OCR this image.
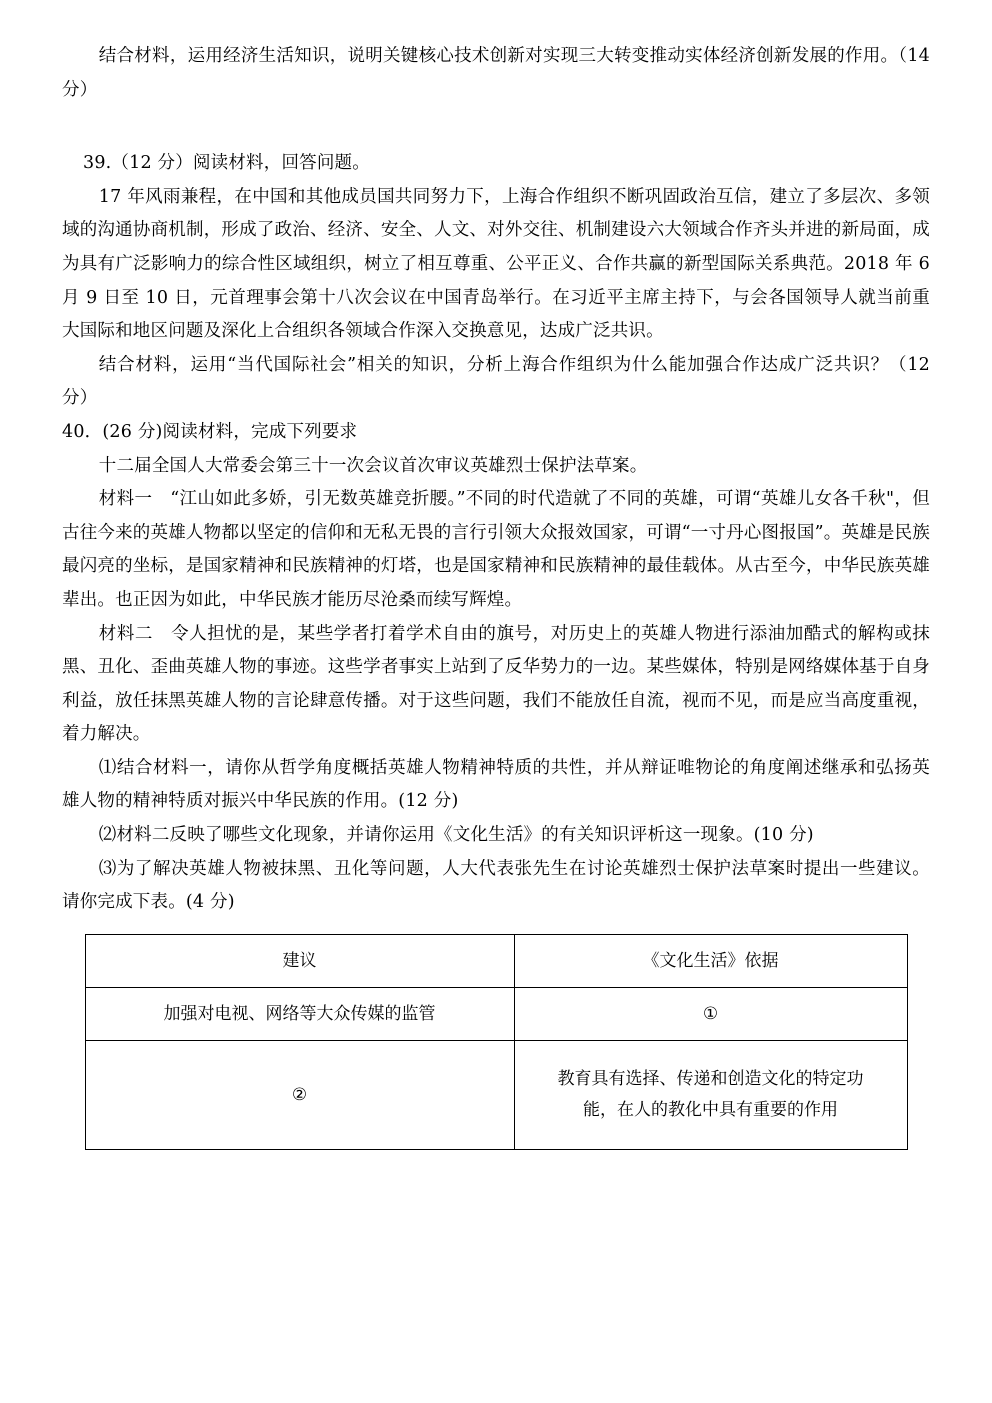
结合材料，运用经济生活知识，说明关键核心技术创新对实现三大转变推动实体经济创新发展的作用。（14 分）

39.（12 分）阅读材料，回答问题。

17 年风雨兼程，在中国和其他成员国共同努力下，上海合作组织不断巩固政治互信，建立了多层次、多领域的沟通协商机制，形成了政治、经济、安全、人文、对外交往、机制建设六大领域合作齐头并进的新局面，成为具有广泛影响力的综合性区域组织，树立了相互尊重、公平正义、合作共赢的新型国际关系典范。2018 年 6 月 9 日至 10 日，元首理事会第十八次会议在中国青岛举行。在习近平主席主持下，与会各国领导人就当前重大国际和地区问题及深化上合组织各领域合作深入交换意见，达成广泛共识。

结合材料，运用“当代国际社会”相关的知识，分析上海合作组织为什么能加强合作达成广泛共识？（12 分）

40．(26 分)阅读材料，完成下列要求

十二届全国人大常委会第三十一次会议首次审议英雄烈士保护法草案。

材料一　“江山如此多娇，引无数英雄竞折腰。”不同的时代造就了不同的英雄，可谓“英雄儿女各千秋"，但古往今来的英雄人物都以坚定的信仰和无私无畏的言行引领大众报效国家，可谓“一寸丹心图报国”。英雄是民族最闪亮的坐标，是国家精神和民族精神的灯塔，也是国家精神和民族精神的最佳载体。从古至今，中华民族英雄辈出。也正因为如此，中华民族才能历尽沧桑而续写辉煌。

材料二　令人担忧的是，某些学者打着学术自由的旗号，对历史上的英雄人物进行添油加酷式的解构或抹黑、丑化、歪曲英雄人物的事迹。这些学者事实上站到了反华势力的一边。某些媒体，特别是网络媒体基于自身利益，放任抹黑英雄人物的言论肆意传播。对于这些问题，我们不能放任自流，视而不见，而是应当高度重视，着力解决。

⑴结合材料一，请你从哲学角度概括英雄人物精神特质的共性，并从辩证唯物论的角度阐述继承和弘扬英雄人物的精神特质对振兴中华民族的作用。(12 分)

⑵材料二反映了哪些文化现象，并请你运用《文化生活》的有关知识评析这一现象。(10 分)

⑶为了解决英雄人物被抹黑、丑化等问题，人大代表张先生在讨论英雄烈士保护法草案时提出一些建议。请你完成下表。(4 分)

建议	《文化生活》依据
加强对电视、网络等大众传媒的监管	①
②	教育具有选择、传递和创造文化的特定功
能，在人的教化中具有重要的作用
